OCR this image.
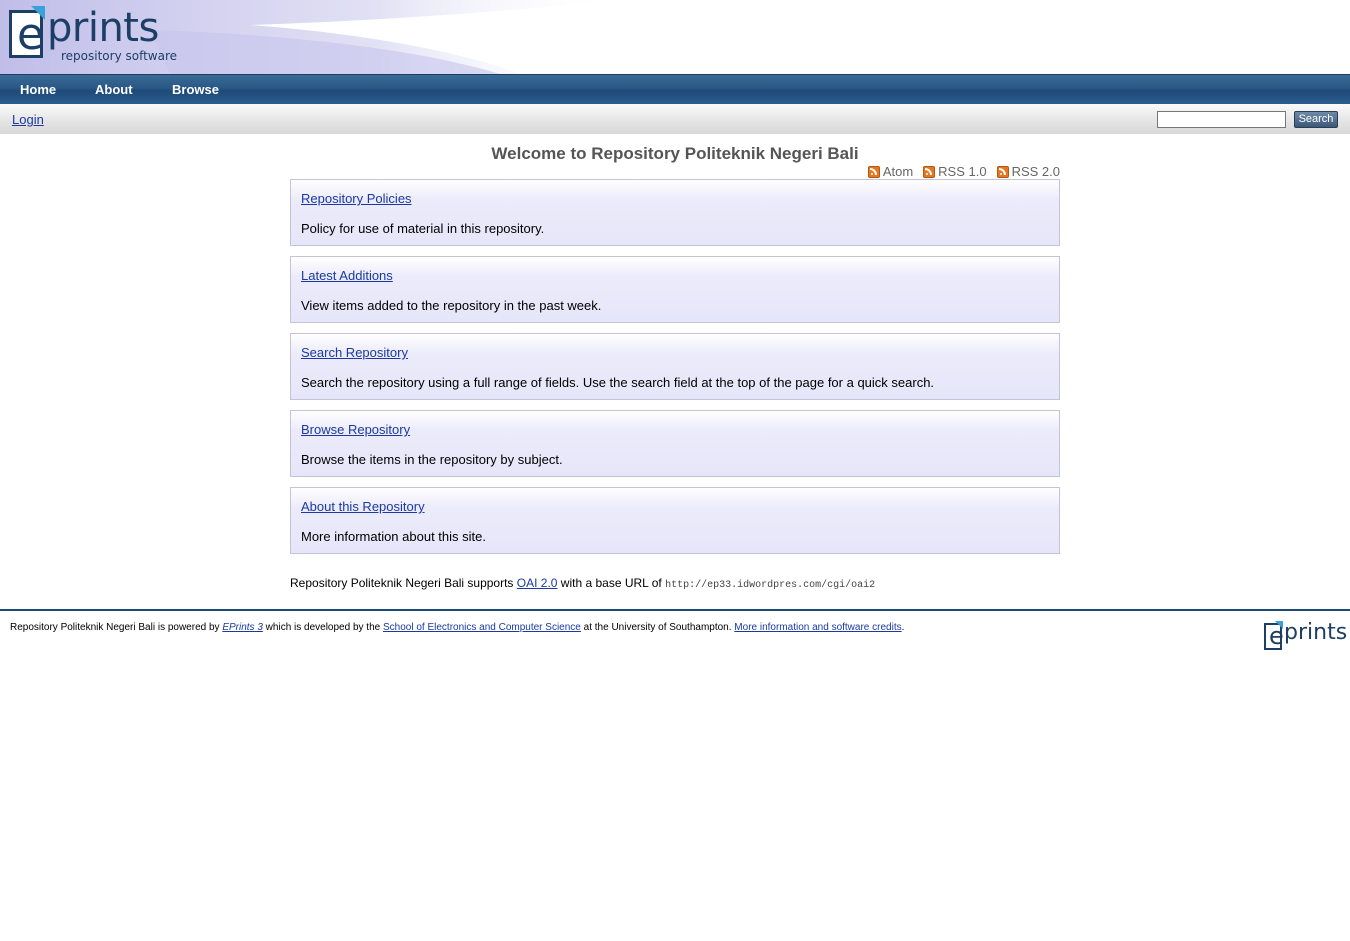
e prints
repository software
Home	About	Browse
Login	Search
Welcome to Repository Politeknik Negeri Bali
Atom RSS 1.0 RSS 2.0
Repository Policies
Policy for use of material in this repository.
Latest Additions
View items added to the repository in the past week.
Search Repository
Search the repository using a full range of fields. Use the search field at the top of the page for a quick search.
Browse Repository
Browse the items in the repository by subject.
About this Repository
More information about this site.
Repository Politeknik Negeri Bali supports OAI 2.0 with a base URL of http://ep33.idwordpres.com/cgi/oai2
Repository Politeknik Negeri Bali is powered by EPrints 3 which is developed by the School of Electronics and Computer Science at the University of Southampton. More information and software credits.	e prints
